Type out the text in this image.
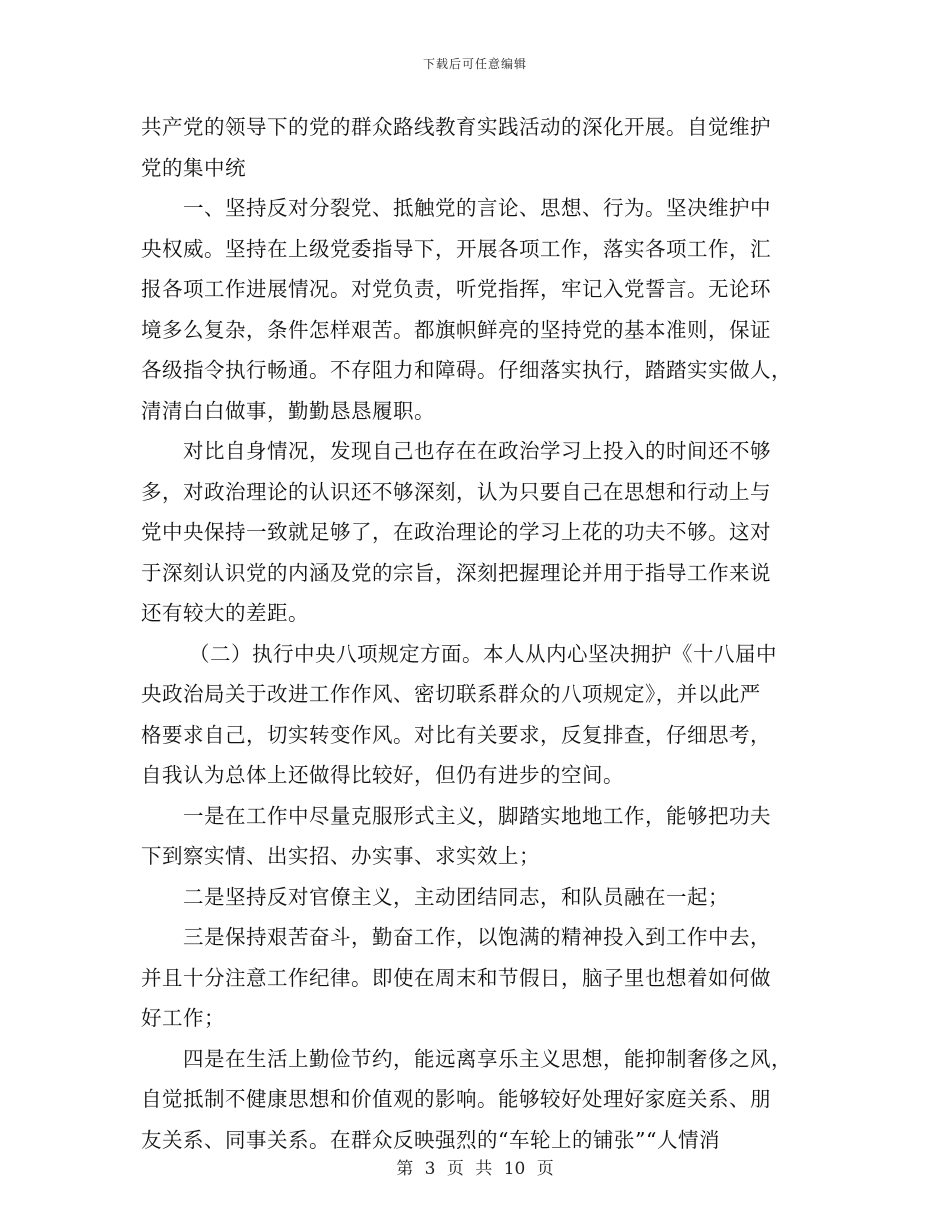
下载后可任意编辑
共产党的领导下的党的群众路线教育实践活动的深化开展。自觉维护
党的集中统
一、坚持反对分裂党、抵触党的言论、思想、行为。坚决维护中
央权威。坚持在上级党委指导下，开展各项工作，落实各项工作，汇
报各项工作进展情况。对党负责，听党指挥，牢记入党誓言。无论环
境多么复杂，条件怎样艰苦。都旗帜鲜亮的坚持党的基本准则，保证
各级指令执行畅通。不存阻力和障碍。仔细落实执行，踏踏实实做人，
清清白白做事，勤勤恳恳履职。
对比自身情况，发现自己也存在在政治学习上投入的时间还不够
多，对政治理论的认识还不够深刻，认为只要自己在思想和行动上与
党中央保持一致就足够了，在政治理论的学习上花的功夫不够。这对
于深刻认识党的内涵及党的宗旨，深刻把握理论并用于指导工作来说
还有较大的差距。
（二）执行中央八项规定方面。本人从内心坚决拥护《十八届中
央政治局关于改进工作作风、密切联系群众的八项规定》，并以此严
格要求自己，切实转变作风。对比有关要求，反复排查，仔细思考，
自我认为总体上还做得比较好，但仍有进步的空间。
一是在工作中尽量克服形式主义，脚踏实地地工作，能够把功夫
下到察实情、出实招、办实事、求实效上；
二是坚持反对官僚主义，主动团结同志，和队员融在一起；
三是保持艰苦奋斗，勤奋工作，以饱满的精神投入到工作中去，
并且十分注意工作纪律。即使在周末和节假日，脑子里也想着如何做
好工作；
四是在生活上勤俭节约，能远离享乐主义思想，能抑制奢侈之风，
自觉抵制不健康思想和价值观的影响。能够较好处理好家庭关系、朋
友关系、同事关系。在群众反映强烈的“车轮上的铺张”“人情消
第 3 页 共 10 页
